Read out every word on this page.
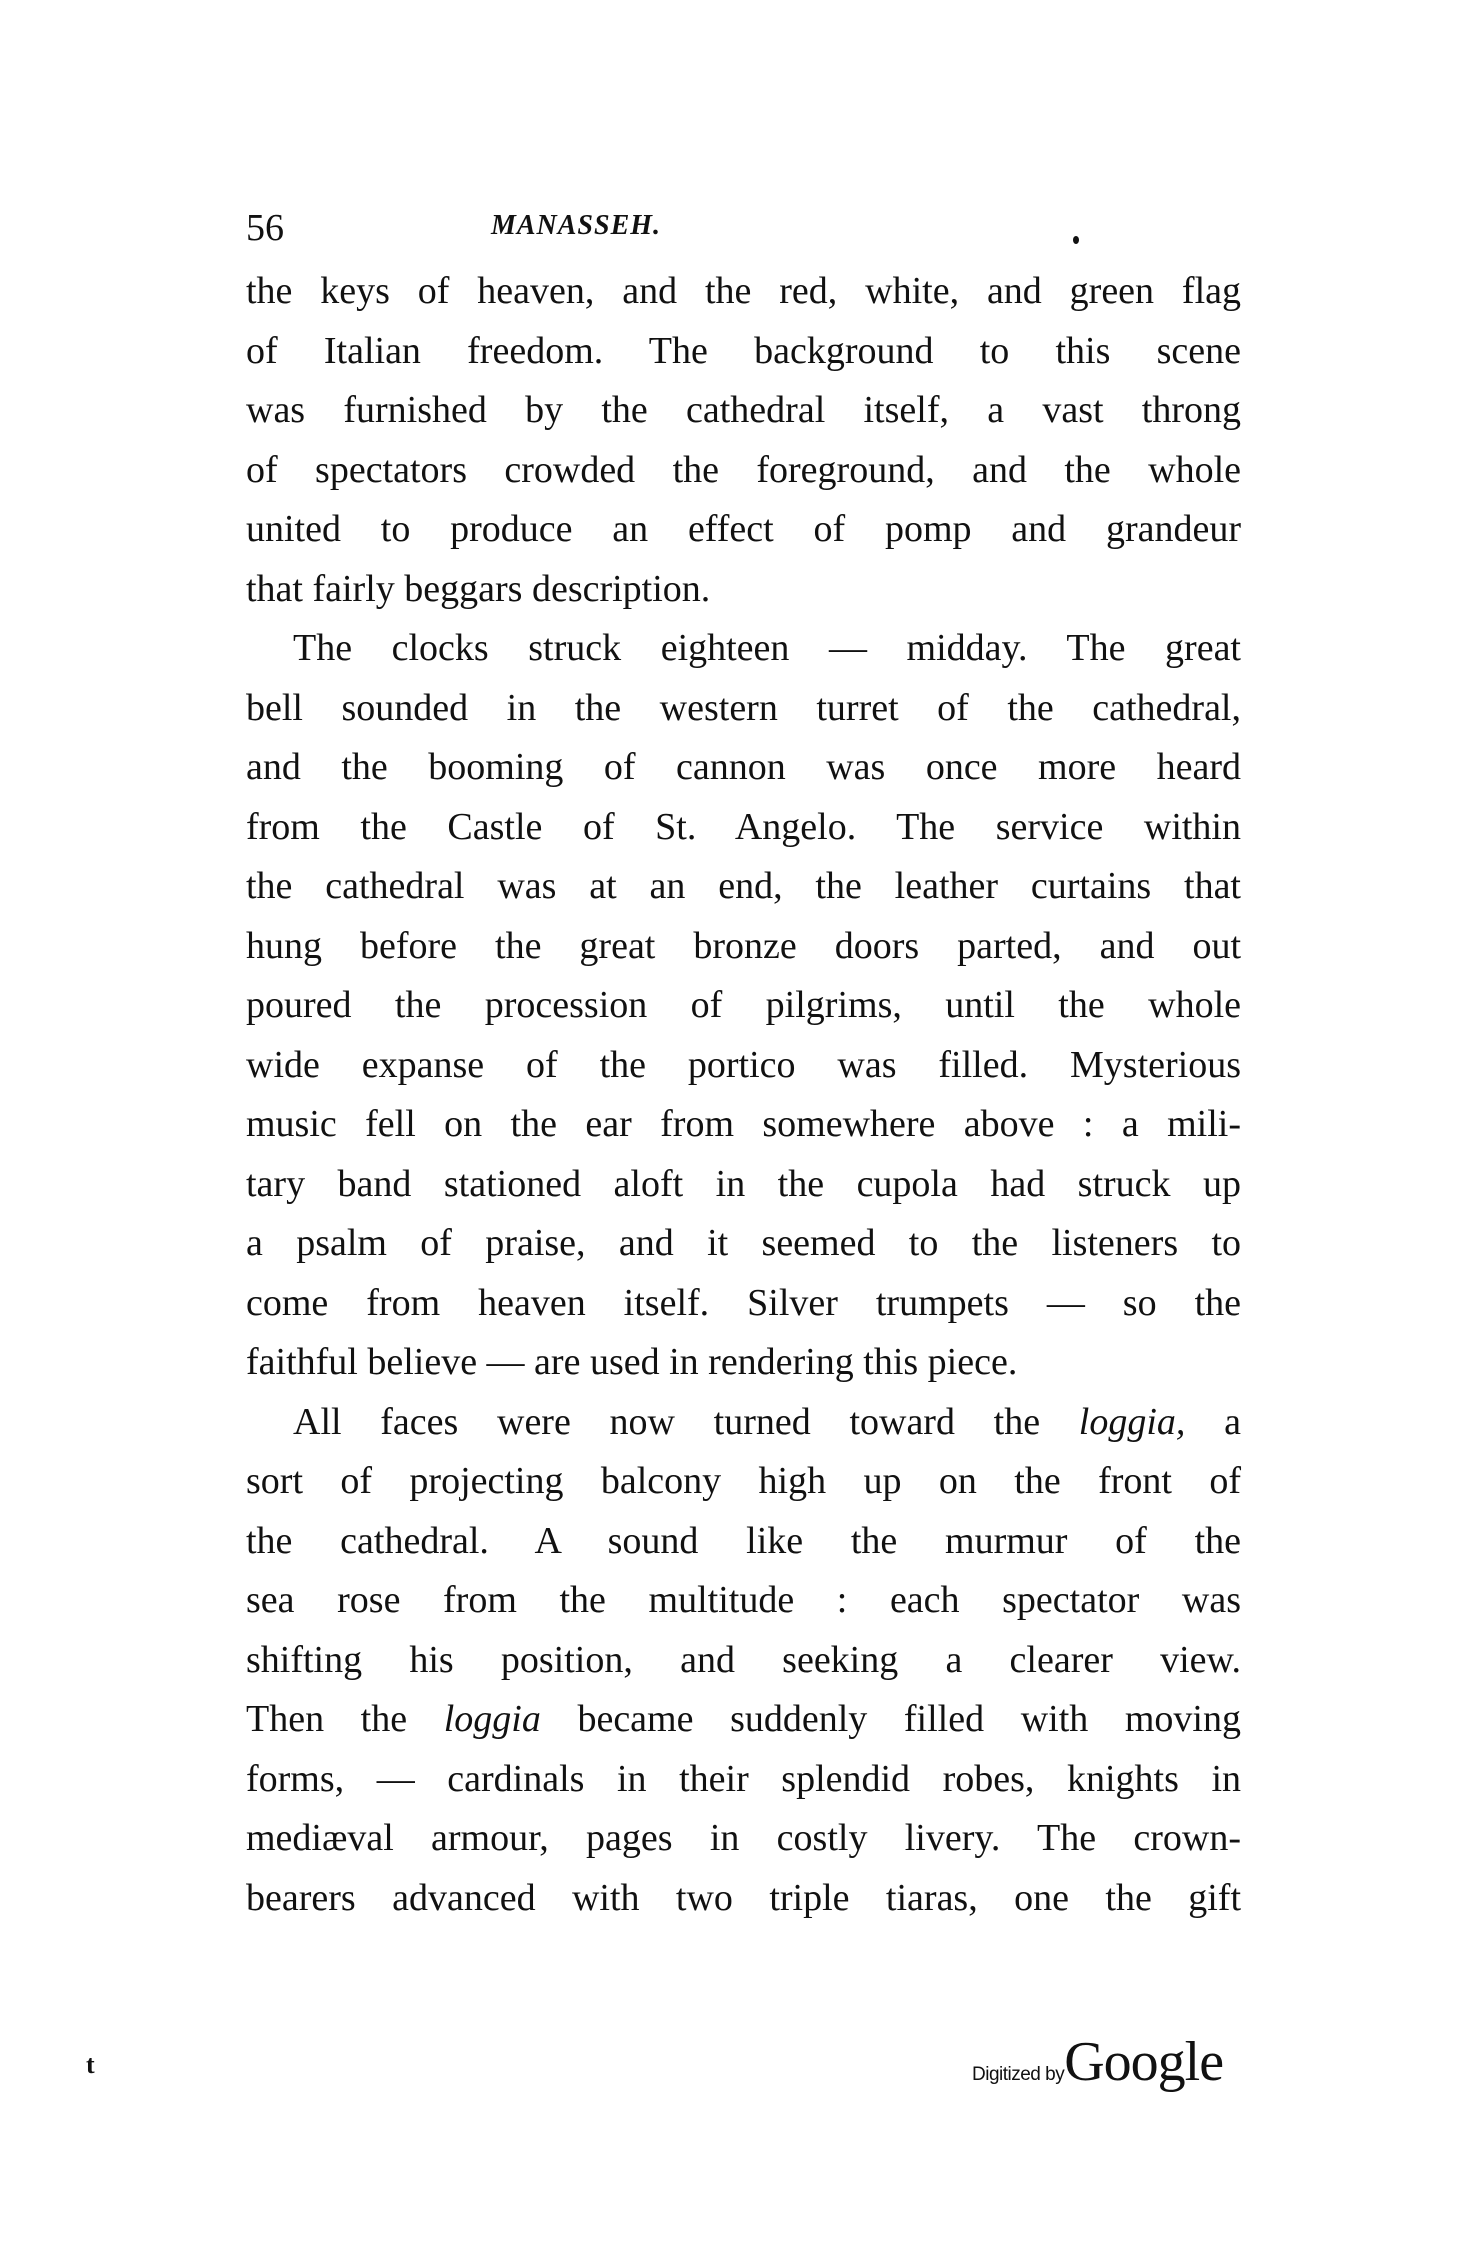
56	MANASSEH.
the keys of heaven, and the red, white, and green flag
of Italian freedom. The background to this scene
was furnished by the cathedral itself, a vast throng
of spectators crowded the foreground, and the whole
united to produce an effect of pomp and grandeur
that fairly beggars description.
The clocks struck eighteen — midday. The great
bell sounded in the western turret of the cathedral,
and the booming of cannon was once more heard
from the Castle of St. Angelo. The service within
the cathedral was at an end, the leather curtains that
hung before the great bronze doors parted, and out
poured the procession of pilgrims, until the whole
wide expanse of the portico was filled. Mysterious
music fell on the ear from somewhere above : a mili-
tary band stationed aloft in the cupola had struck up
a psalm of praise, and it seemed to the listeners to
come from heaven itself. Silver trumpets — so the
faithful believe — are used in rendering this piece.
All faces were now turned toward the loggia, a
sort of projecting balcony high up on the front of
the cathedral. A sound like the murmur of the
sea rose from the multitude : each spectator was
shifting his position, and seeking a clearer view.
Then the loggia became suddenly filled with moving
forms, — cardinals in their splendid robes, knights in
mediæval armour, pages in costly livery. The crown-
bearers advanced with two triple tiaras, one the gift
t	Digitized byGoogle
